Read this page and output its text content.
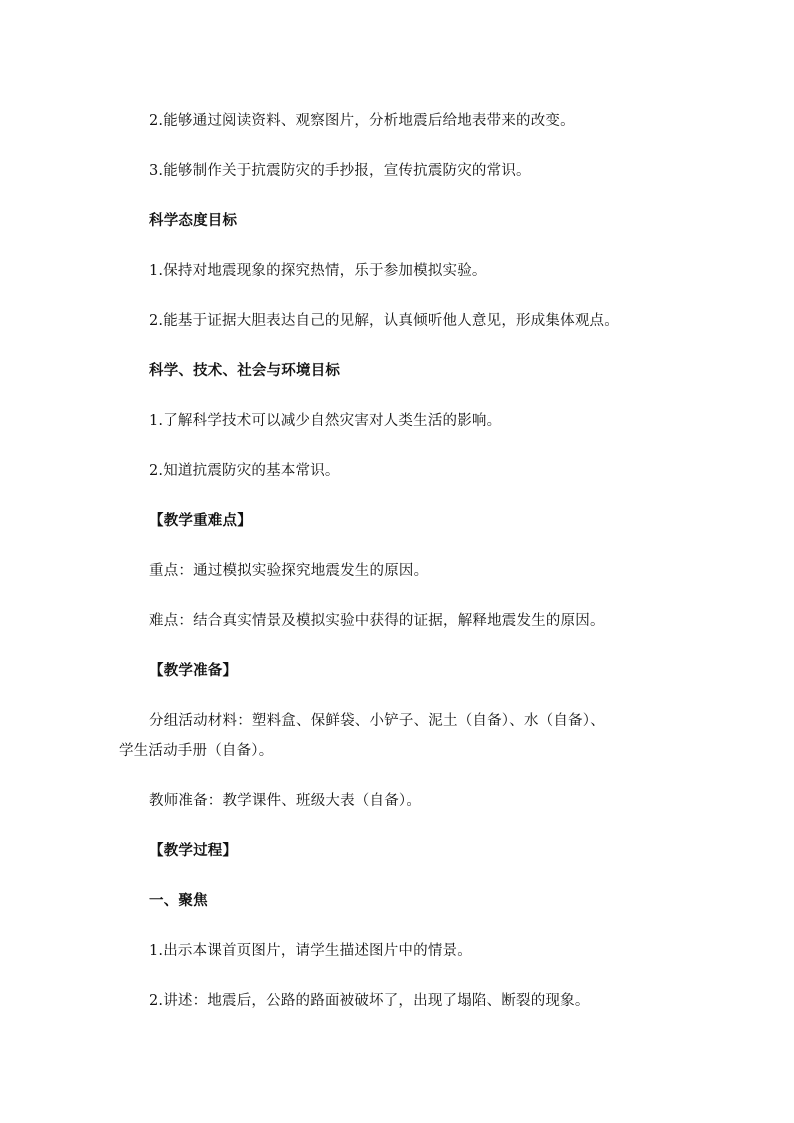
2.能够通过阅读资料、观察图片，分析地震后给地表带来的改变。

3.能够制作关于抗震防灾的手抄报，宣传抗震防灾的常识。

科学态度目标

1.保持对地震现象的探究热情，乐于参加模拟实验。

2.能基于证据大胆表达自己的见解，认真倾听他人意见，形成集体观点。

科学、技术、社会与环境目标

1.了解科学技术可以减少自然灾害对人类生活的影响。

2.知道抗震防灾的基本常识。

【教学重难点】

重点：通过模拟实验探究地震发生的原因。

难点：结合真实情景及模拟实验中获得的证据，解释地震发生的原因。

【教学准备】

分组活动材料：塑料盒、保鲜袋、小铲子、泥土（自备）、水（自备）、

学生活动手册（自备）。

教师准备：教学课件、班级大表（自备）。

【教学过程】

一、聚焦

1.出示本课首页图片，请学生描述图片中的情景。

2.讲述：地震后，公路的路面被破坏了，出现了塌陷、断裂的现象。
